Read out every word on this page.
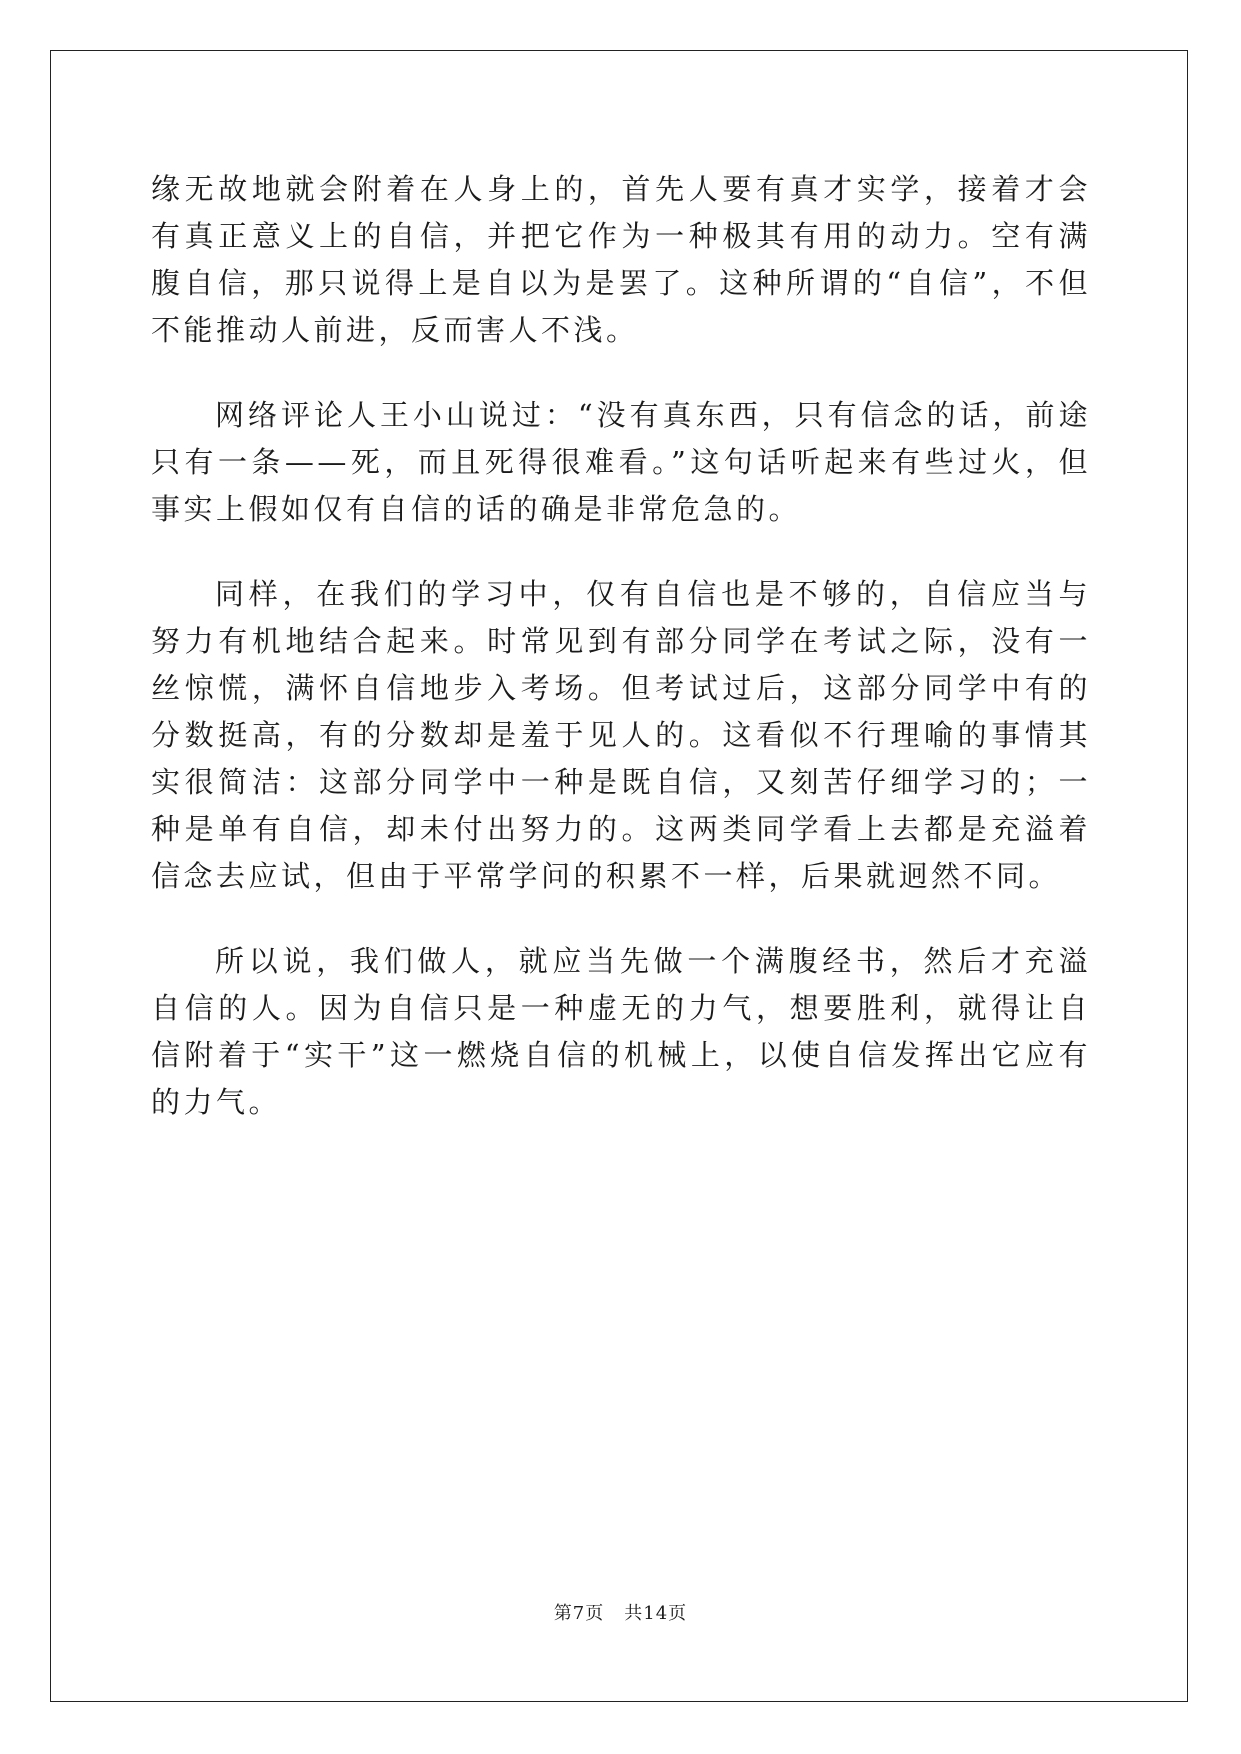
缘无故地就会附着在人身上的，首先人要有真才实学，接着才会有真正意义上的自信，并把它作为一种极其有用的动力。空有满腹自信，那只说得上是自以为是罢了。这种所谓的“自信”，不但不能推动人前进，反而害人不浅。

网络评论人王小山说过：“没有真东西，只有信念的话，前途只有一条——死，而且死得很难看。”这句话听起来有些过火，但事实上假如仅有自信的话的确是非常危急的。

同样，在我们的学习中，仅有自信也是不够的，自信应当与努力有机地结合起来。时常见到有部分同学在考试之际，没有一丝惊慌，满怀自信地步入考场。但考试过后，这部分同学中有的分数挺高，有的分数却是羞于见人的。这看似不行理喻的事情其实很简洁：这部分同学中一种是既自信，又刻苦仔细学习的；一种是单有自信，却未付出努力的。这两类同学看上去都是充溢着信念去应试，但由于平常学问的积累不一样，后果就迥然不同。

所以说，我们做人，就应当先做一个满腹经书，然后才充溢自信的人。因为自信只是一种虚无的力气，想要胜利，就得让自信附着于“实干”这一燃烧自信的机械上，以使自信发挥出它应有的力气。

第7页 共14页
